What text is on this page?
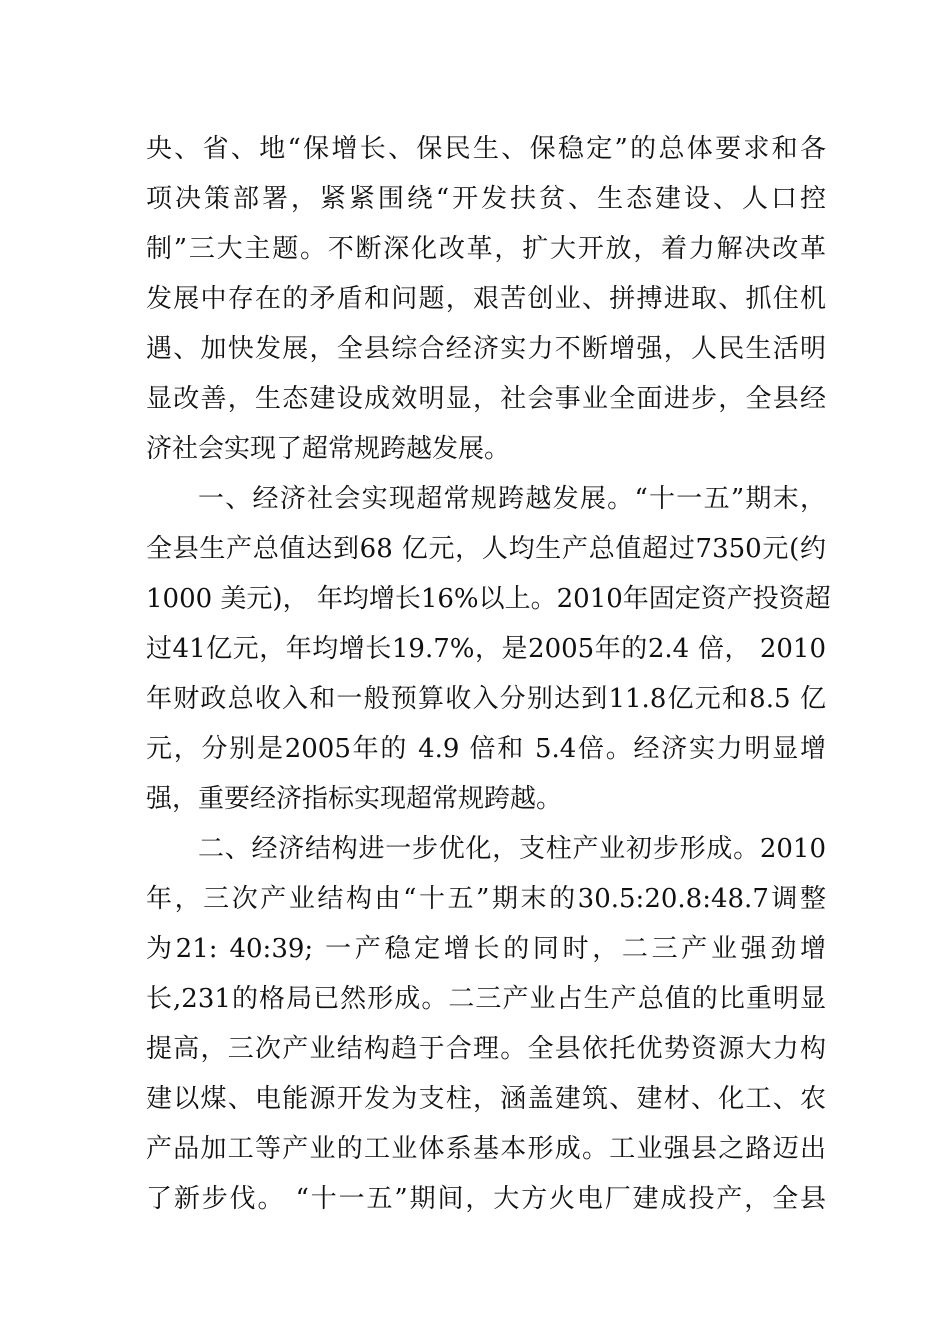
央、省、地“保增长、保民生、保稳定”的总体要求和各
项决策部署，紧紧围绕“开发扶贫、生态建设、人口控
制”三大主题。不断深化改革，扩大开放，着力解决改革
发展中存在的矛盾和问题，艰苦创业、拼搏进取、抓住机
遇、加快发展，全县综合经济实力不断增强，人民生活明
显改善，生态建设成效明显，社会事业全面进步，全县经
济社会实现了超常规跨越发展。
一、经济社会实现超常规跨越发展。“十一五”期末，
全县生产总值达到68 亿元，人均生产总值超过7350元(约
1000 美元)， 年均增长16%以上。2010年固定资产投资超
过41亿元，年均增长19.7%，是2005年的2.4 倍， 2010
年财政总收入和一般预算收入分别达到11.8亿元和8.5 亿
元，分别是2005年的 4.9 倍和 5.4倍。经济实力明显增
强，重要经济指标实现超常规跨越。
二、经济结构进一步优化，支柱产业初步形成。2010
年，三次产业结构由“十五”期末的30.5:20.8:48.7调整
为21: 40:39; 一产稳定增长的同时，二三产业强劲增
长,231的格局已然形成。二三产业占生产总值的比重明显
提高，三次产业结构趋于合理。全县依托优势资源大力构
建以煤、电能源开发为支柱，涵盖建筑、建材、化工、农
产品加工等产业的工业体系基本形成。工业强县之路迈出
了新步伐。 “十一五”期间，大方火电厂建成投产，全县
